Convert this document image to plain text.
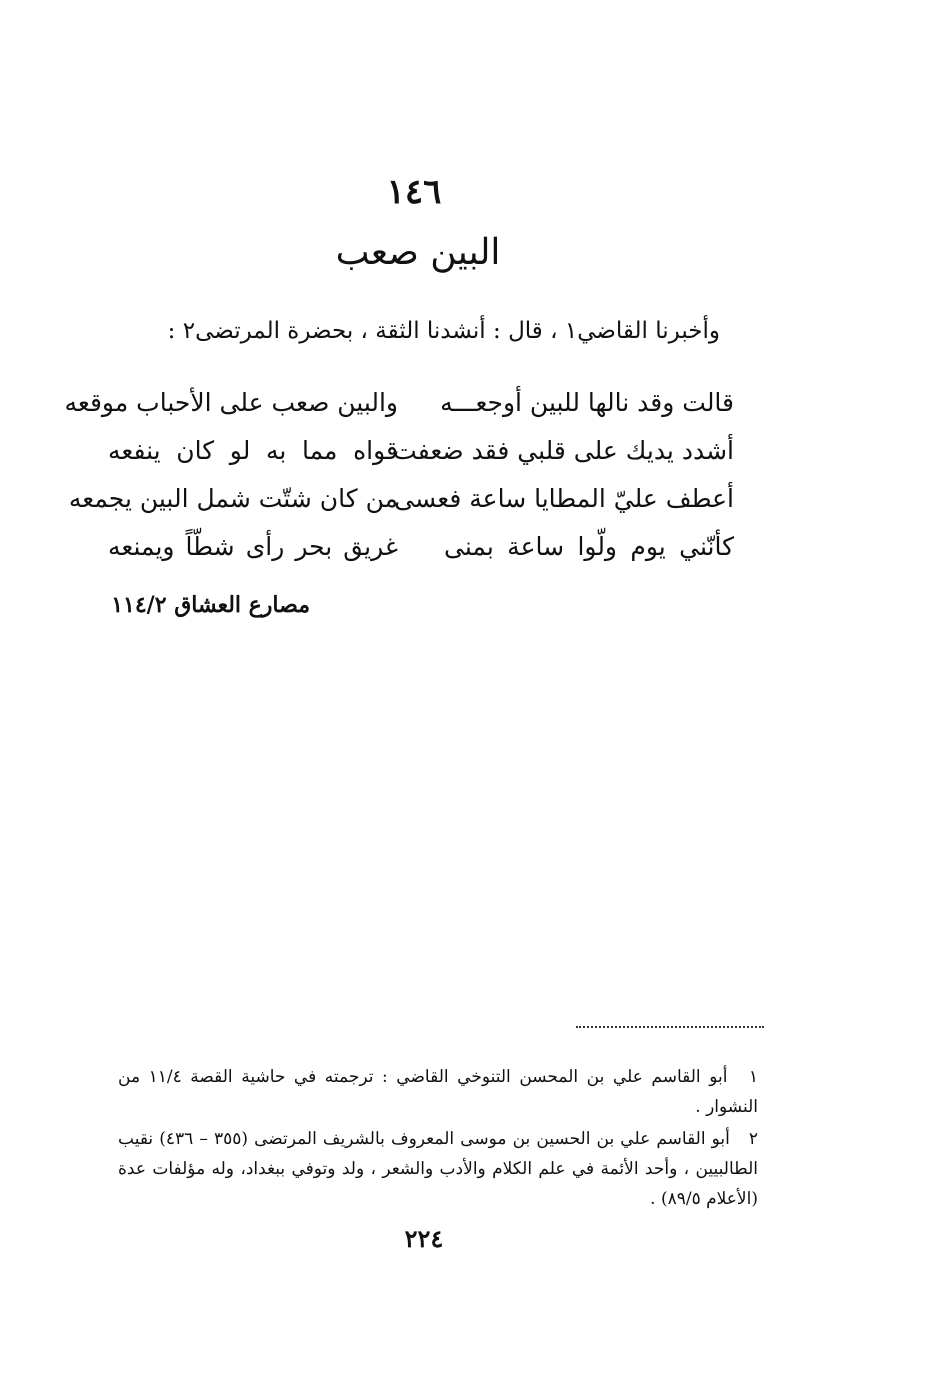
١٤٦
البين صعب
وأخبرنا القاضي١ ، قال : أنشدنا الثقة ، بحضرة المرتضى٢ :
قالت وقد نالها للبين أوجعـــه
والبين صعب على الأحباب موقعه
أشدد يديك على قلبي فقد ضعفت
قواه مما به لو كان ينفعه
أعطف عليّ المطايا ساعة فعسى
من كان شتّت شمل البين يجمعه
كأنّني يوم ولّوا ساعة بمنى
غريق بحر رأى شطّاً ويمنعه
مصارع العشاق ١١٤/٢

١ أبو القاسم علي بن المحسن التنوخي القاضي : ترجمته في حاشية القصة ١١/٤ من النشوار .

٢ أبو القاسم علي بن الحسين بن موسى المعروف بالشريف المرتضى (٣٥٥ – ٤٣٦) نقيب الطالبيين ، وأحد الأئمة في علم الكلام والأدب والشعر ، ولد وتوفي ببغداد، وله مؤلفات عدة (الأعلام ٨٩/٥) .

٢٢٤
